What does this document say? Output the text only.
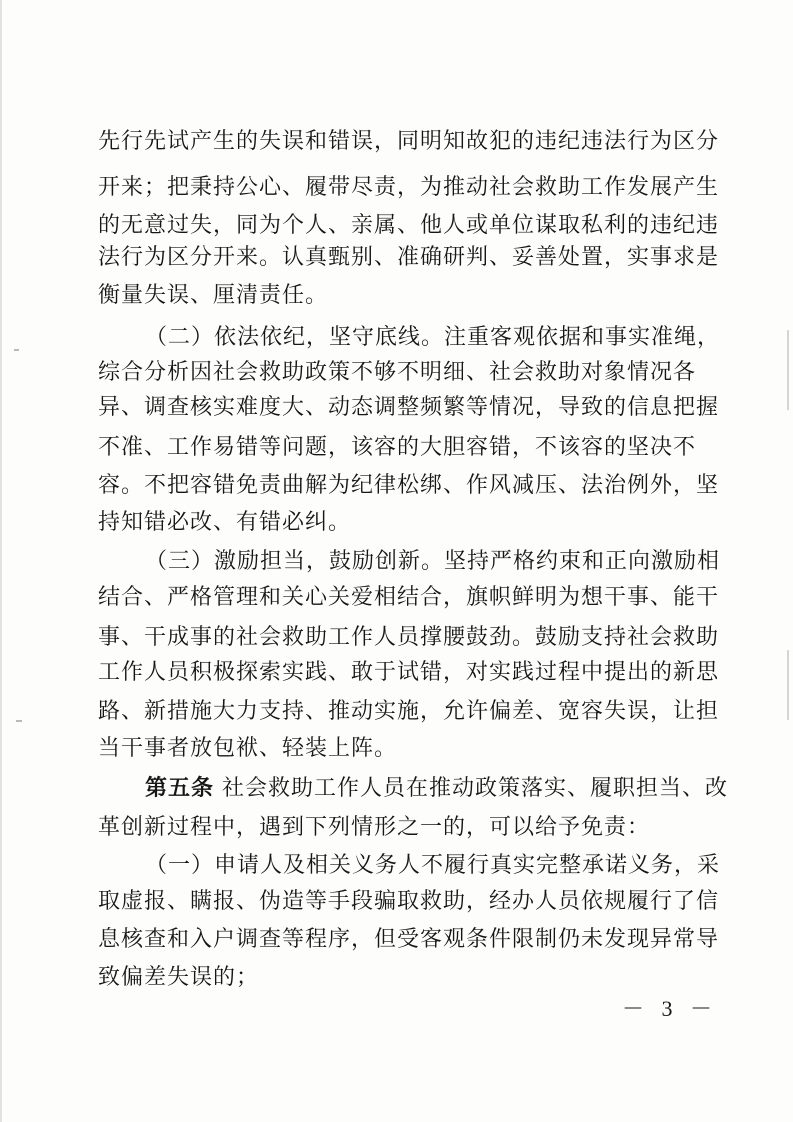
先行先试产生的失误和错误，同明知故犯的违纪违法行为区分
开来；把秉持公心、履带尽责，为推动社会救助工作发展产生
的无意过失，同为个人、亲属、他人或单位谋取私利的违纪违
法行为区分开来。认真甄别、准确研判、妥善处置，实事求是
衡量失误、厘清责任。
（二）依法依纪，坚守底线。注重客观依据和事实准绳，
综合分析因社会救助政策不够不明细、社会救助对象情况各
异、调查核实难度大、动态调整频繁等情况，导致的信息把握
不准、工作易错等问题，该容的大胆容错，不该容的坚决不
容。不把容错免责曲解为纪律松绑、作风减压、法治例外，坚
持知错必改、有错必纠。
（三）激励担当，鼓励创新。坚持严格约束和正向激励相
结合、严格管理和关心关爱相结合，旗帜鲜明为想干事、能干
事、干成事的社会救助工作人员撑腰鼓劲。鼓励支持社会救助
工作人员积极探索实践、敢于试错，对实践过程中提出的新思
路、新措施大力支持、推动实施，允许偏差、宽容失误，让担
当干事者放包袱、轻装上阵。
第五条 社会救助工作人员在推动政策落实、履职担当、改
革创新过程中，遇到下列情形之一的，可以给予免责：
（一）申请人及相关义务人不履行真实完整承诺义务，采
取虚报、瞒报、伪造等手段骗取救助，经办人员依规履行了信
息核查和入户调查等程序，但受客观条件限制仍未发现异常导
致偏差失误的；
－ 3 －
